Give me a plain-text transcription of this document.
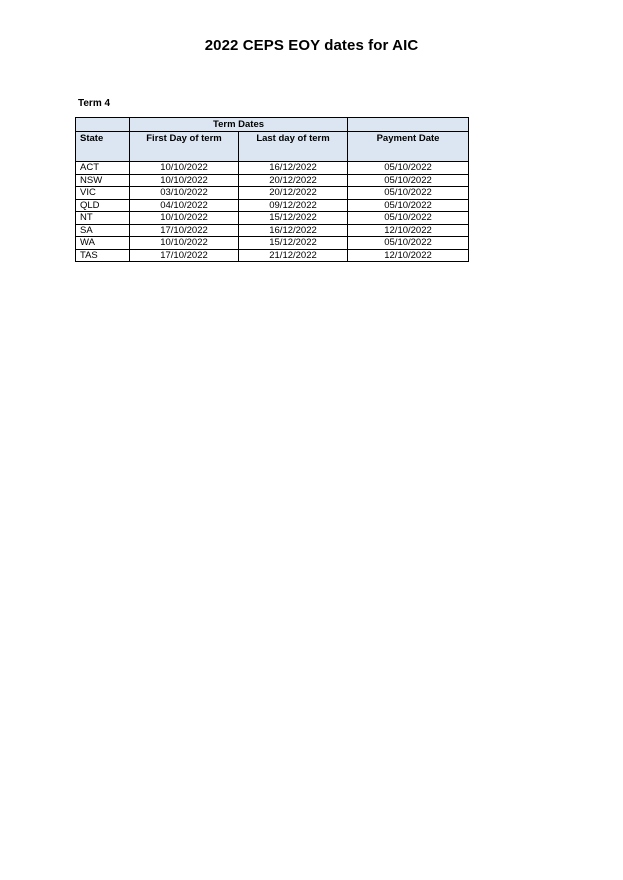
2022 CEPS EOY dates for AIC
Term 4
	Term Dates		
State	First Day of term	Last day of term	Payment Date

ACT	10/10/2022	16/12/2022	05/10/2022
NSW	10/10/2022	20/12/2022	05/10/2022
VIC	03/10/2022	20/12/2022	05/10/2022
QLD	04/10/2022	09/12/2022	05/10/2022
NT	10/10/2022	15/12/2022	05/10/2022
SA	17/10/2022	16/12/2022	12/10/2022
WA	10/10/2022	15/12/2022	05/10/2022
TAS	17/10/2022	21/12/2022	12/10/2022
